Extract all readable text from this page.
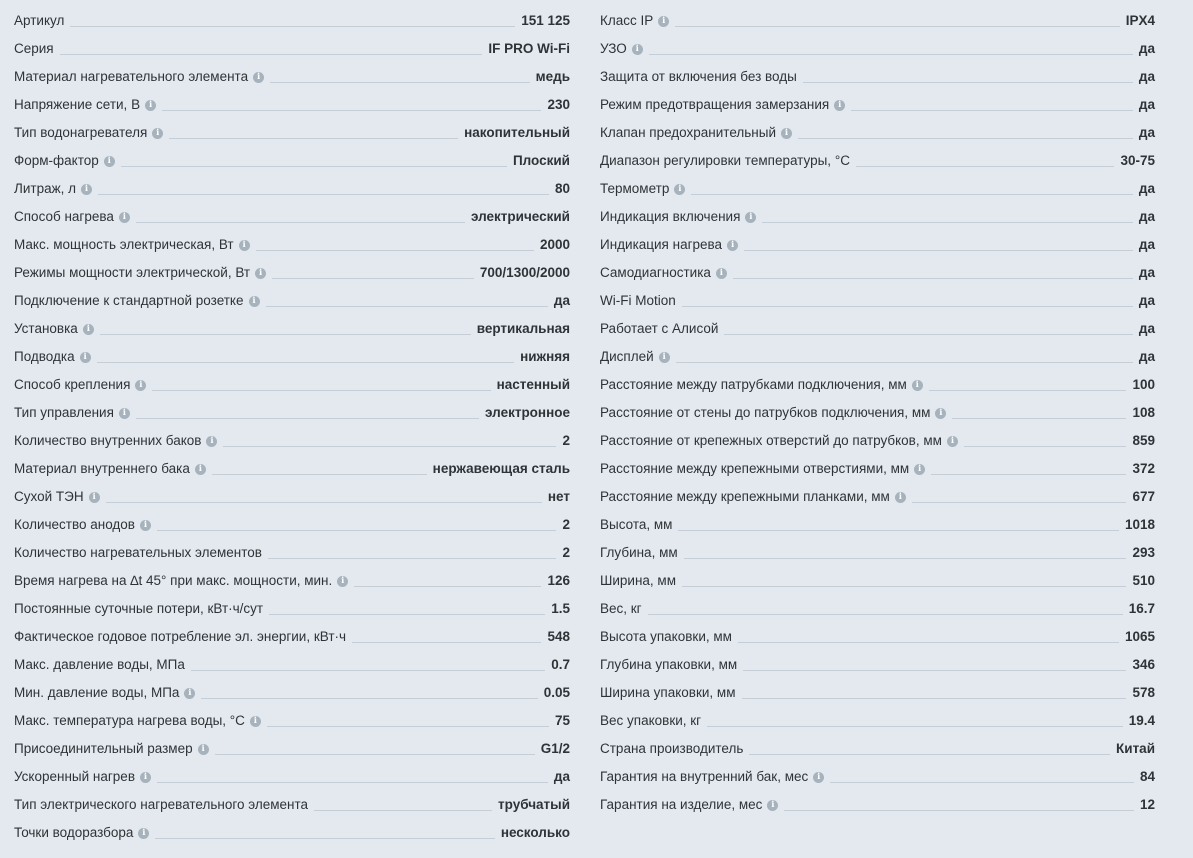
Артикул	151 125
Серия	IF PRO Wi-Fi
Материал нагревательного элемента	i	медь
Напряжение сети, В	i	230
Тип водонагревателя	i	накопительный
Форм-фактор	i	Плоский
Литраж, л	i	80
Способ нагрева	i	электрический
Макс. мощность электрическая, Вт	i	2000
Режимы мощности электрической, Вт	i	700/1300/2000
Подключение к стандартной розетке	i	да
Установка	i	вертикальная
Подводка	i	нижняя
Способ крепления	i	настенный
Тип управления	i	электронное
Количество внутренних баков	i	2
Материал внутреннего бака	i	нержавеющая сталь
Сухой ТЭН	i	нет
Количество анодов	i	2
Количество нагревательных элементов	2
Время нагрева на ∆t 45° при макс. мощности, мин.	i	126
Постоянные суточные потери, кВт·ч/сут	1.5
Фактическое годовое потребление эл. энергии, кВт·ч	548
Макс. давление воды, МПа	0.7
Мин. давление воды, МПа	i	0.05
Макс. температура нагрева воды, °С	i	75
Присоединительный размер	i	G1/2
Ускоренный нагрев	i	да
Тип электрического нагревательного элемента	трубчатый
Точки водоразбора	i	несколько
Класс IP	i	IPX4
УЗО	i	да
Защита от включения без воды	да
Режим предотвращения замерзания	i	да
Клапан предохранительный	i	да
Диапазон регулировки температуры, °С	30-75
Термометр	i	да
Индикация включения	i	да
Индикация нагрева	i	да
Самодиагностика	i	да
Wi-Fi Motion	да
Работает с Алисой	да
Дисплей	i	да
Расстояние между патрубками подключения, мм	i	100
Расстояние от стены до патрубков подключения, мм	i	108
Расстояние от крепежных отверстий до патрубков, мм	i	859
Расстояние между крепежными отверстиями, мм	i	372
Расстояние между крепежными планками, мм	i	677
Высота, мм	1018
Глубина, мм	293
Ширина, мм	510
Вес, кг	16.7
Высота упаковки, мм	1065
Глубина упаковки, мм	346
Ширина упаковки, мм	578
Вес упаковки, кг	19.4
Страна производитель	Китай
Гарантия на внутренний бак, мес	i	84
Гарантия на изделие, мес	i	12
